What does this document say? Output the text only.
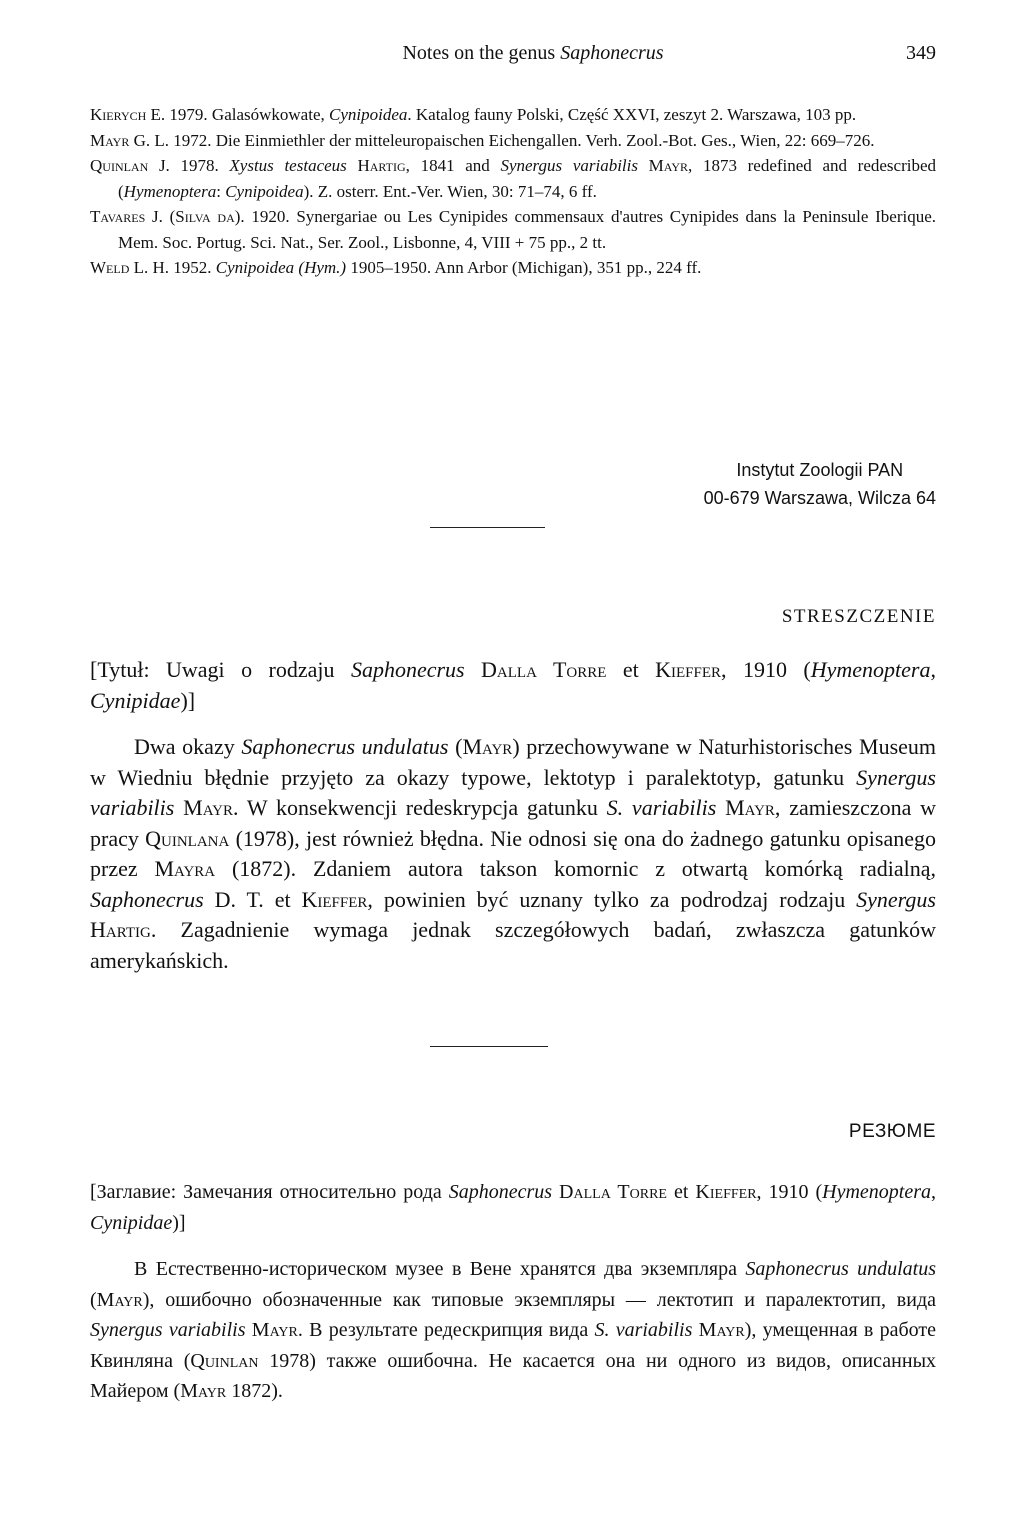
Notes on the genus Saphonecrus	349

Kierych E. 1979. Galasówkowate, Cynipoidea. Katalog fauny Polski, Część XXVI, zeszyt 2. Warszawa, 103 pp.

Mayr G. L. 1972. Die Einmiethler der mitteleuropaischen Eichengallen. Verh. Zool.-Bot. Ges., Wien, 22: 669–726.

Quinlan J. 1978. Xystus testaceus Hartig, 1841 and Synergus variabilis Mayr, 1873 redefined and redescribed (Hymenoptera: Cynipoidea). Z. osterr. Ent.-Ver. Wien, 30: 71–74, 6 ff.

Tavares J. (Silva da). 1920. Synergariae ou Les Cynipides commensaux d'autres Cynipides dans la Peninsule Iberique. Mem. Soc. Portug. Sci. Nat., Ser. Zool., Lisbonne, 4, VIII + 75 pp., 2 tt.

Weld L. H. 1952. Cynipoidea (Hym.) 1905–1950. Ann Arbor (Michigan), 351 pp., 224 ff.

Instytut Zoologii PAN
00-679 Warszawa, Wilcza 64
STRESZCZENIE

[Tytuł: Uwagi o rodzaju Saphonecrus Dalla Torre et Kieffer, 1910 (Hymenoptera, Cynipidae)]

Dwa okazy Saphonecrus undulatus (Mayr) przechowywane w Naturhistorisches Museum w Wiedniu błędnie przyjęto za okazy typowe, lektotyp i paralektotyp, gatunku Synergus variabilis Mayr. W konsekwencji redeskrypcja gatunku S. variabilis Mayr, zamieszczona w pracy Quinlana (1978), jest również błędna. Nie odnosi się ona do żadnego gatunku opisanego przez Mayra (1872). Zdaniem autora takson komornic z otwartą komórką radialną, Saphonecrus D. T. et Kieffer, powinien być uznany tylko za podrodzaj rodzaju Synergus Hartig. Zagadnienie wymaga jednak szczegółowych badań, zwłaszcza gatunków amerykańskich.

РЕЗЮМЕ

[Заглавие: Замечания относительно рода Saphonecrus Dalla Torre et Kieffer, 1910 (Hymenoptera, Cynipidae)]

В Естественно-историческом музее в Вене хранятся два экземпляра Saphonecrus undulatus (Mayr), ошибочно обозначенные как типовые экземпляры — лектотип и паралектотип, вида Synergus variabilis Mayr. В результате редескрипция вида S. variabilis Mayr), умещенная в работе Квинляна (Quinlan 1978) также ошибочна. Не касается она ни одного из видов, описанных Майером (Mayr 1872).
